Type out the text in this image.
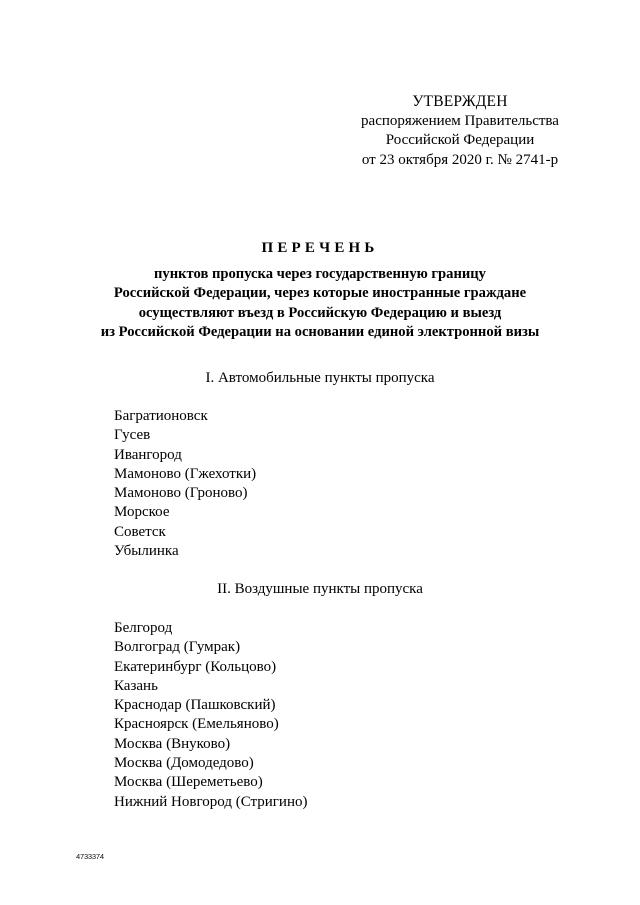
УТВЕРЖДЕН
распоряжением Правительства
Российской Федерации
от 23 октября 2020 г. № 2741-р
ПЕРЕЧЕНЬ
пунктов пропуска через государственную границу
Российской Федерации, через которые иностранные граждане
осуществляют въезд в Российскую Федерацию и выезд
из Российской Федерации на основании единой электронной визы
I. Автомобильные пункты пропуска
Багратионовск
Гусев
Ивангород
Мамоново (Гжехотки)
Мамоново (Гроново)
Морское
Советск
Убылинка
II. Воздушные пункты пропуска
Белгород
Волгоград (Гумрак)
Екатеринбург (Кольцово)
Казань
Краснодар (Пашковский)
Красноярск (Емельяново)
Москва (Внуково)
Москва (Домодедово)
Москва (Шереметьево)
Нижний Новгород (Стригино)
4733374
